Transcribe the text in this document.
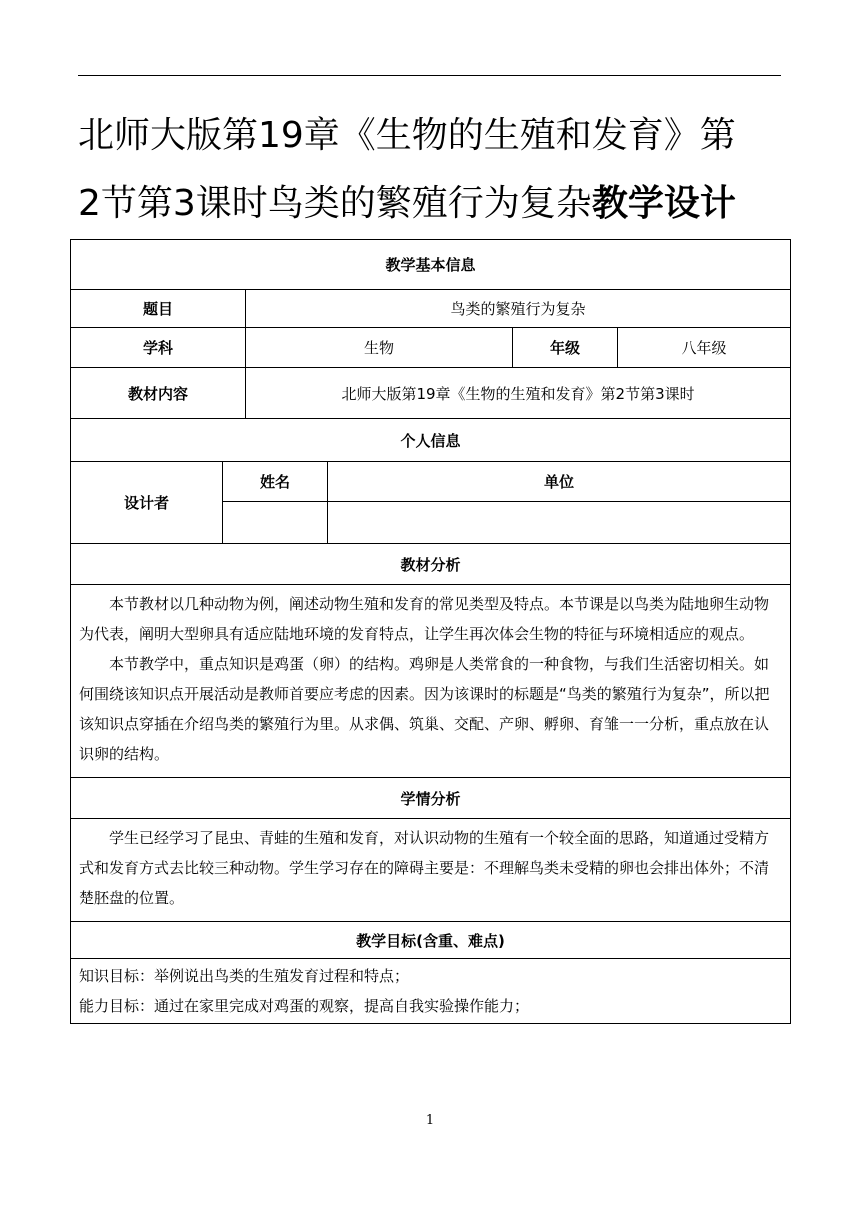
北师大版第19章《生物的生殖和发育》第
2节第3课时鸟类的繁殖行为复杂教学设计
教学基本信息					
题目		鸟类的繁殖行为复杂			
学科		生物		年级	八年级
教材内容		北师大版第19章《生物的生殖和发育》第2节第3课时			
个人信息					
设计者	姓名		单位		

教材分析					

本节教材以几种动物为例，阐述动物生殖和发育的常见类型及特点。本节课是以鸟类为陆地卵生动物为代表，阐明大型卵具有适应陆地环境的发育特点，让学生再次体会生物的特征与环境相适应的观点。

本节教学中，重点知识是鸡蛋（卵）的结构。鸡卵是人类常食的一种食物，与我们生活密切相关。如何围绕该知识点开展活动是教师首要应考虑的因素。因为该课时的标题是“鸟类的繁殖行为复杂”，所以把该知识点穿插在介绍鸟类的繁殖行为里。从求偶、筑巢、交配、产卵、孵卵、育雏一一分析，重点放在认识卵的结构。					

学情分析					

学生已经学习了昆虫、青蛙的生殖和发育，对认识动物的生殖有一个较全面的思路，知道通过受精方式和发育方式去比较三种动物。学生学习存在的障碍主要是：不理解鸟类未受精的卵也会排出体外；不清楚胚盘的位置。					

教学目标(含重、难点)					

知识目标：举例说出鸟类的生殖发育过程和特点；
能力目标：通过在家里完成对鸡蛋的观察，提高自我实验操作能力；					
1
